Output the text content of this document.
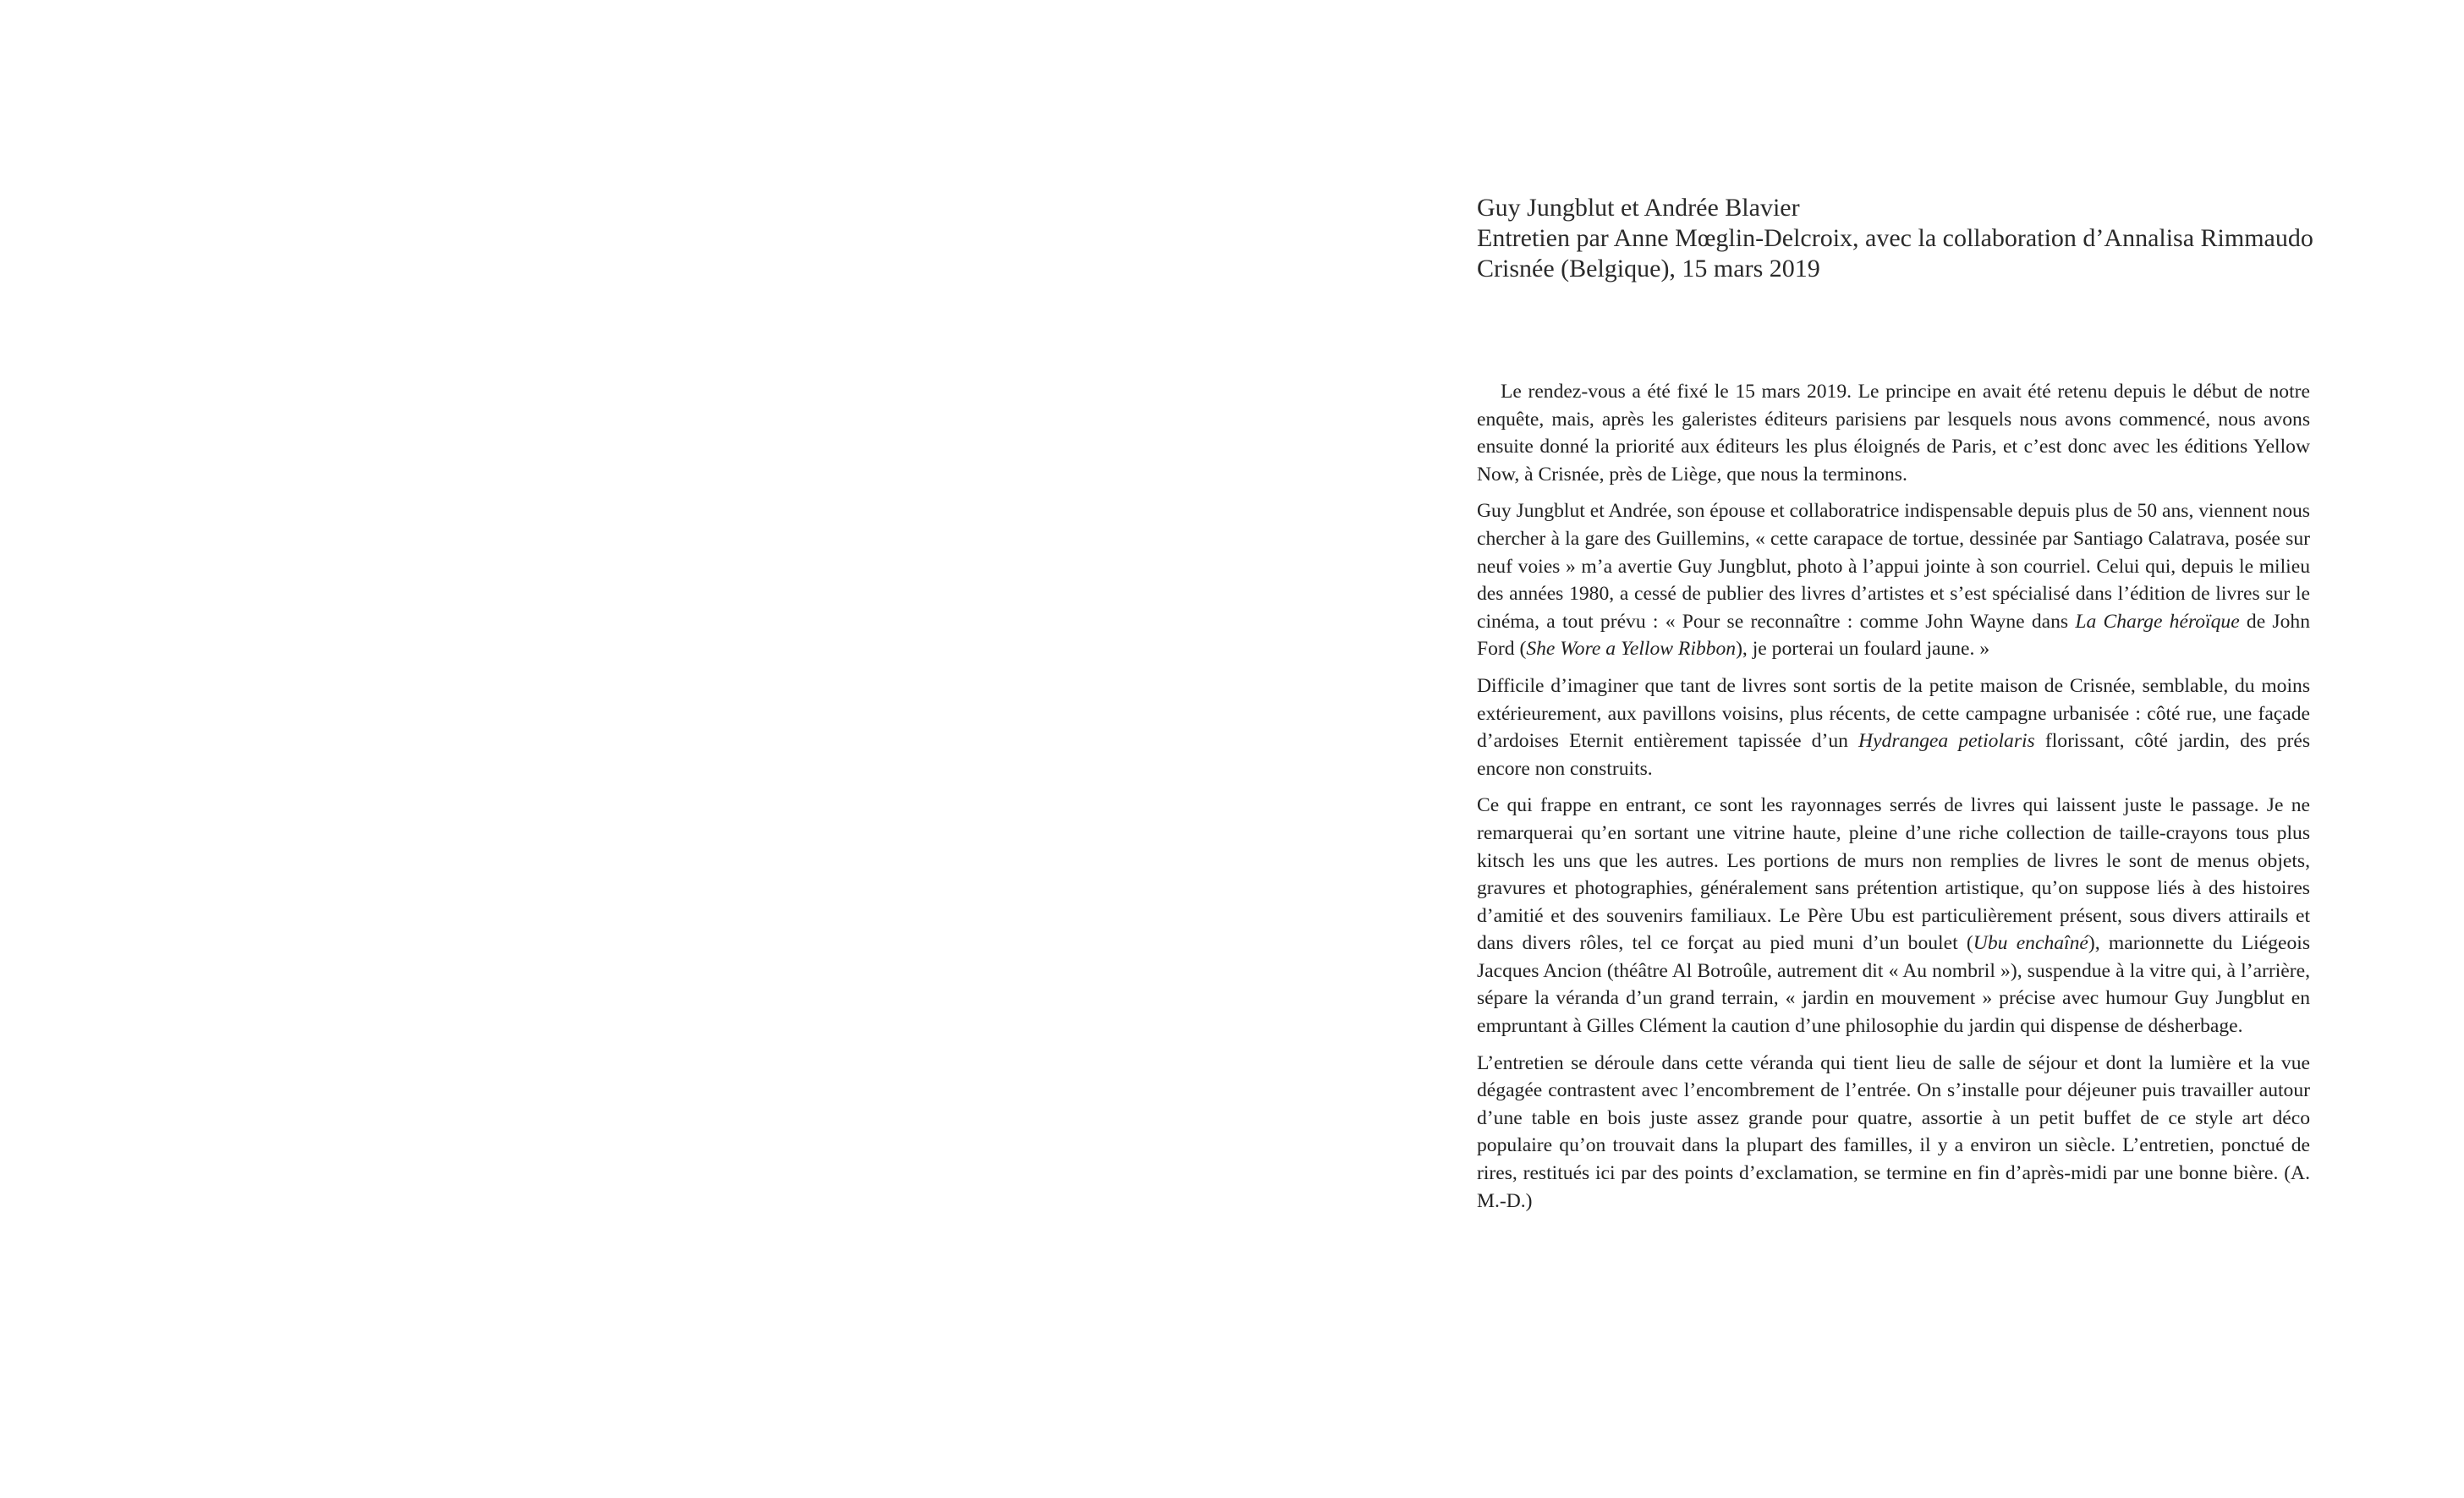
Guy Jungblut et Andrée Blavier
Entretien par Anne Mœglin-Delcroix, avec la collaboration d’Annalisa Rimmaudo
Crisnée (Belgique), 15 mars 2019

Le rendez-vous a été fixé le 15 mars 2019. Le principe en avait été retenu depuis le début de notre enquête, mais, après les galeristes éditeurs parisiens par lesquels nous avons commencé, nous avons ensuite donné la priorité aux éditeurs les plus éloignés de Paris, et c’est donc avec les éditions Yellow Now, à Crisnée, près de Liège, que nous la terminons.

Guy Jungblut et Andrée, son épouse et collaboratrice indispensable depuis plus de 50 ans, viennent nous chercher à la gare des Guillemins, « cette carapace de tortue, dessinée par Santiago Calatrava, posée sur neuf voies » m’a avertie Guy Jungblut, photo à l’appui jointe à son courriel. Celui qui, depuis le milieu des années 1980, a cessé de publier des livres d’artistes et s’est spécialisé dans l’édition de livres sur le cinéma, a tout prévu : « Pour se reconnaître : comme John Wayne dans La Charge héroïque de John Ford (She Wore a Yellow Ribbon), je porterai un foulard jaune. »

Difficile d’imaginer que tant de livres sont sortis de la petite maison de Crisnée, semblable, du moins extérieurement, aux pavillons voisins, plus récents, de cette campagne urbanisée : côté rue, une façade d’ardoises Eternit entièrement tapissée d’un Hydrangea petiolaris florissant, côté jardin, des prés encore non construits.

Ce qui frappe en entrant, ce sont les rayonnages serrés de livres qui laissent juste le passage. Je ne remarquerai qu’en sortant une vitrine haute, pleine d’une riche collection de taille-crayons tous plus kitsch les uns que les autres. Les portions de murs non remplies de livres le sont de menus objets, gravures et photographies, généralement sans prétention artistique, qu’on suppose liés à des histoires d’amitié et des souvenirs familiaux. Le Père Ubu est particulièrement présent, sous divers attirails et dans divers rôles, tel ce forçat au pied muni d’un boulet (Ubu enchaîné), marionnette du Liégeois Jacques Ancion (théâtre Al Botroûle, autrement dit « Au nombril »), suspendue à la vitre qui, à l’arrière, sépare la véranda d’un grand terrain, « jardin en mouvement » précise avec humour Guy Jungblut en empruntant à Gilles Clément la caution d’une philosophie du jardin qui dispense de désherbage.

L’entretien se déroule dans cette véranda qui tient lieu de salle de séjour et dont la lumière et la vue dégagée contrastent avec l’encombrement de l’entrée. On s’installe pour déjeuner puis travailler autour d’une table en bois juste assez grande pour quatre, assortie à un petit buffet de ce style art déco populaire qu’on trouvait dans la plupart des familles, il y a environ un siècle. L’entretien, ponctué de rires, restitués ici par des points d’exclamation, se termine en fin d’après-midi par une bonne bière. (A. M.-D.)
